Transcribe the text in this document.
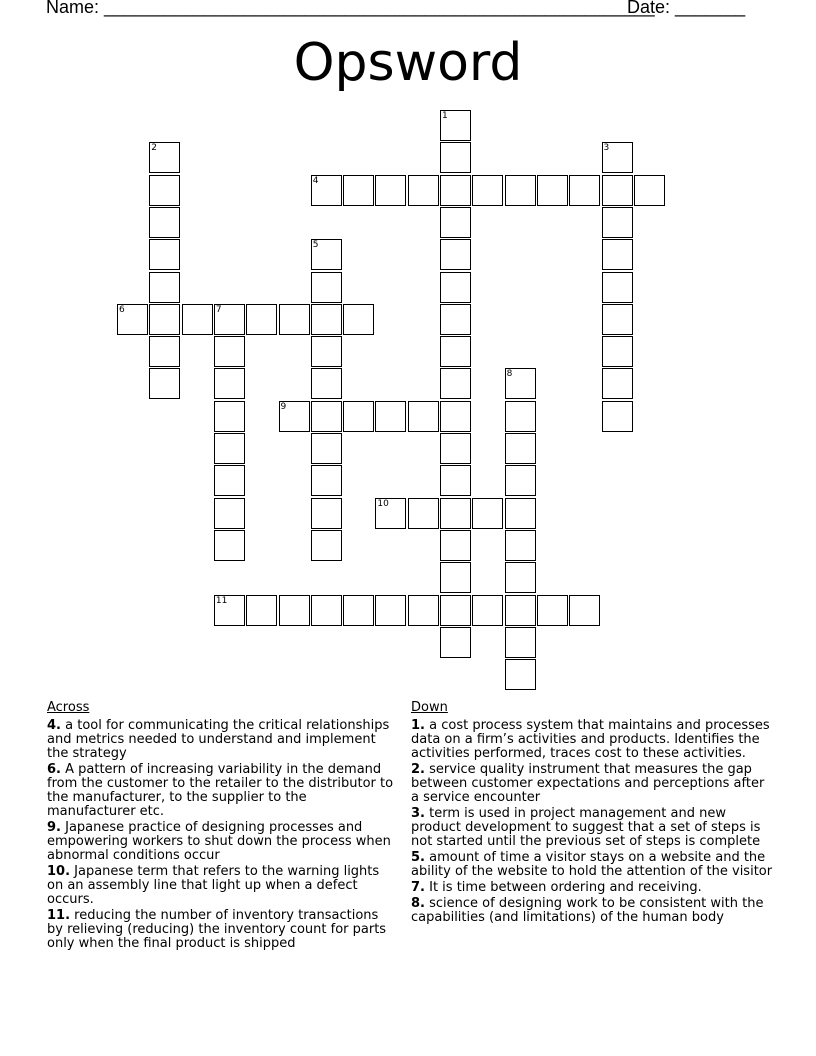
Name: _______________________________________________________
Date: _______
Opsword
1
2	3
4
5
6	7
8
9
10
11
Across
4. a tool for communicating the critical relationships and metrics needed to understand and implement the strategy
6. A pattern of increasing variability in the demand from the customer to the retailer to the distributor to the manufacturer, to the supplier to the manufacturer etc.
9. Japanese practice of designing processes and empowering workers to shut down the process when abnormal conditions occur
10. Japanese term that refers to the warning lights on an assembly line that light up when a defect occurs.
11. reducing the number of inventory transactions by relieving (reducing) the inventory count for parts only when the final product is shipped
Down
1. a cost process system that maintains and processes data on a firm’s activities and products. Identifies the activities performed, traces cost to these activities.
2. service quality instrument that measures the gap between customer expectations and perceptions after a service encounter
3. term is used in project management and new product development to suggest that a set of steps is not started until the previous set of steps is complete
5. amount of time a visitor stays on a website and the ability of the website to hold the attention of the visitor
7. It is time between ordering and receiving.
8. science of designing work to be consistent with the capabilities (and limitations) of the human body
